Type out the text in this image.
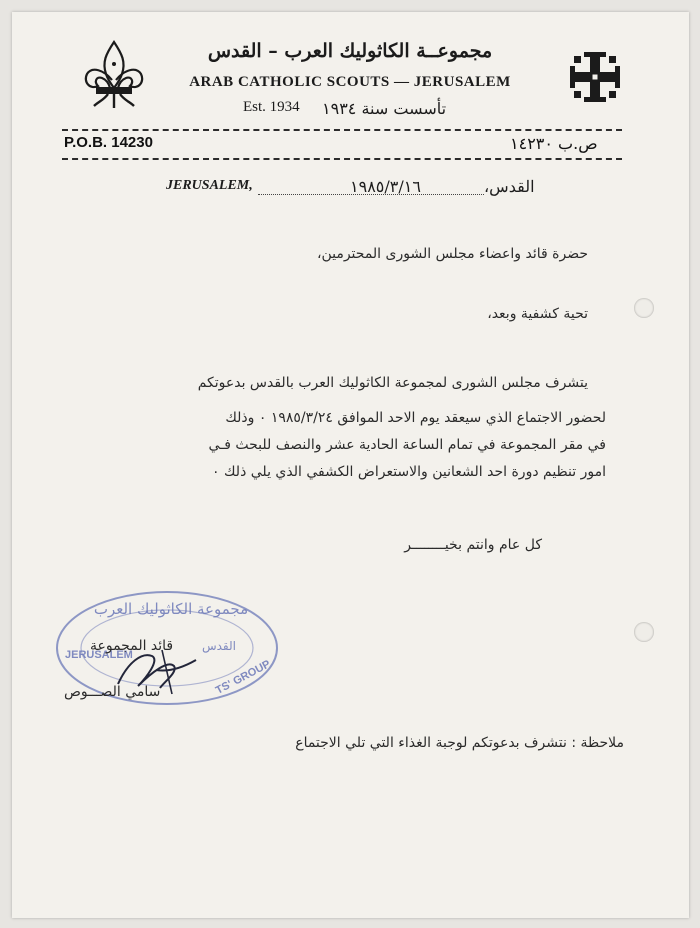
مجموعــة الكاثوليك العرب – القدس
ARAB CATHOLIC SCOUTS — JERUSALEM
Est. 1934 تأسست سنة ١٩٣٤
P.O.B. 14230	ص.ب ١٤٢٣٠
JERUSALEM,	١٩٨٥/٣/١٦	القدس،
حضرة قائد واعضاء مجلس الشورى المحترمين،
تحية كشفية وبعد،
يتشرف مجلس الشورى لمجموعة الكاثوليك العرب بالقدس بدعوتكم
لحضور الاجتماع الذي سيعقد يوم الاحد الموافق ١٩٨٥/٣/٢٤ ٠ وذلك
في مقر المجموعة في تمام الساعة الحادية عشر والنصف للبحث فـي
امور تنظيم دورة احد الشعانين والاستعراض الكشفي الذي يلي ذلك ٠
كل عام وانتم بخيــــــــر
مجموعة الكاثوليك العرب
القدس
JERUSALEM
TS' GROUP
قائد المجموعة
سامي الصـــوص
ملاحظة : نتشرف بدعوتكم لوجبة الغذاء التي تلي الاجتماع
